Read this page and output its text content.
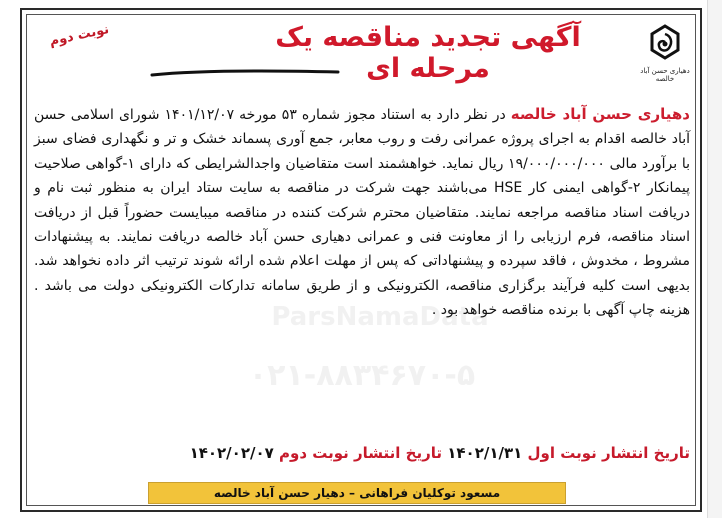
دهیاری حسن آباد خالصه
آگهی تجدید مناقصه یک مرحله ای
نوبت دوم
دهیاری حسن آباد خالصه در نظر دارد به استناد مجوز شماره ۵۳ مورخه ۱۴۰۱/۱۲/۰۷ شورای اسلامی حسن آباد خالصه اقدام به اجرای پروژه عمرانی رفت و روب معابر، جمع آوری پسماند خشک و تر و نگهداری فضای سبز با برآورد مالی ۱۹/۰۰۰/۰۰۰/۰۰۰ ریال نماید. خواهشمند است متقاضیان واجدالشرایطی که دارای ۱-گواهی صلاحیت پیمانکار ۲-گواهی ایمنی کار HSE می‌باشند جهت شرکت در مناقصه به سایت ستاد ایران به منظور ثبت نام و دریافت اسناد مناقصه مراجعه نمایند. متقاضیان محترم شرکت کننده در مناقصه میبایست حضوراً قبل از دریافت اسناد مناقصه، فرم ارزیابی را از معاونت فنی و عمرانی دهیاری حسن آباد خالصه دریافت نمایند. به پیشنهادات مشروط ، مخدوش ، فاقد سپرده و پیشنهاداتی که پس از مهلت اعلام شده ارائه شوند ترتیب اثر داده نخواهد شد. بدیهی است کلیه فرآیند برگزاری مناقصه، الکترونیکی و از طریق سامانه تدارکات الکترونیکی دولت می باشد . هزینه چاپ آگهی با برنده مناقصه خواهد بود .
تاریخ انتشار نوبت اول ۱۴۰۲/۱/۳۱ تاریخ انتشار نوبت دوم ۱۴۰۲/۰۲/۰۷
مسعود توکلیان فراهانی – دهیار حسن آباد خالصه
